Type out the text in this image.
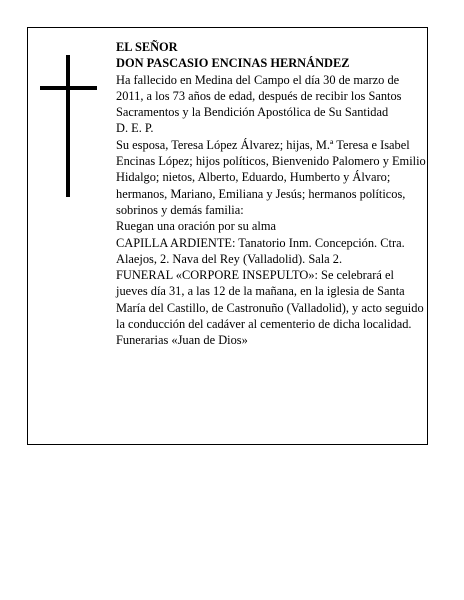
EL SEÑOR

DON PASCASIO ENCINAS HERNÁNDEZ

Ha fallecido en Medina del Campo el día 30 de marzo de 2011, a los 73 años de edad, después de recibir los Santos Sacramentos y la Bendición Apostólica de Su Santidad

D. E. P.

Su esposa, Teresa López Álvarez; hijas, M.ª Teresa e Isabel Encinas López; hijos políticos, Bienvenido Palomero y Emilio Hidalgo; nietos, Alberto, Eduardo, Humberto y Álvaro; hermanos, Mariano, Emiliana y Jesús; hermanos políticos, sobrinos y demás familia:

Ruegan una oración por su alma

CAPILLA ARDIENTE: Tanatorio Inm. Concepción. Ctra. Alaejos, 2. Nava del Rey (Valladolid). Sala 2.

FUNERAL «CORPORE INSEPULTO»: Se celebrará el jueves día 31, a las 12 de la mañana, en la iglesia de Santa María del Castillo, de Castronuño (Valladolid), y acto seguido la conducción del cadáver al cementerio de dicha localidad.

Funerarias «Juan de Dios»
